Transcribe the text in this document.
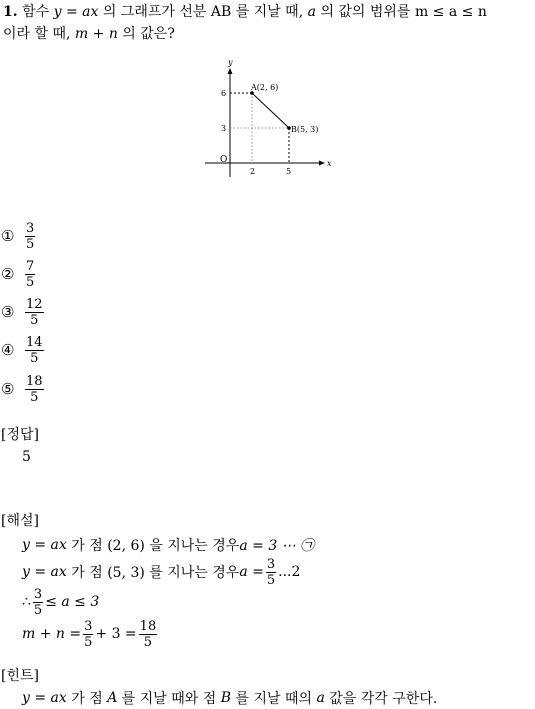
1. 함수 y = ax 의 그래프가 선분 AB 를 지날 때, a 의 값의 범위를 m ≤ a ≤ n
이라 할 때, m + n 의 값은?
y
x
O
A(2, 6)
B(5, 3)
6
3
2	5
① $\frac{3}{5}$
② $\frac{7}{5}$
③ $\frac{12}{5}$
④ $\frac{14}{5}$
⑤ $\frac{18}{5}$
[정답]
5
[해설]
y = ax
가 점 (2, 6) 을 지나는 경우 a = 3 ⋯ ㉠
y = ax
가 점 (5, 3) 를 지나는 경우 $a = \frac{3}{5} ...2$
∴ $\frac{3}{5} \le a \le 3$
$m + n = \frac{3}{5} + 3 = \frac{18}{5}$
[힌트]
y = ax
가 점
A
를 지날 때와 점
B
를 지날 때의
a
값을 각각 구한다.
